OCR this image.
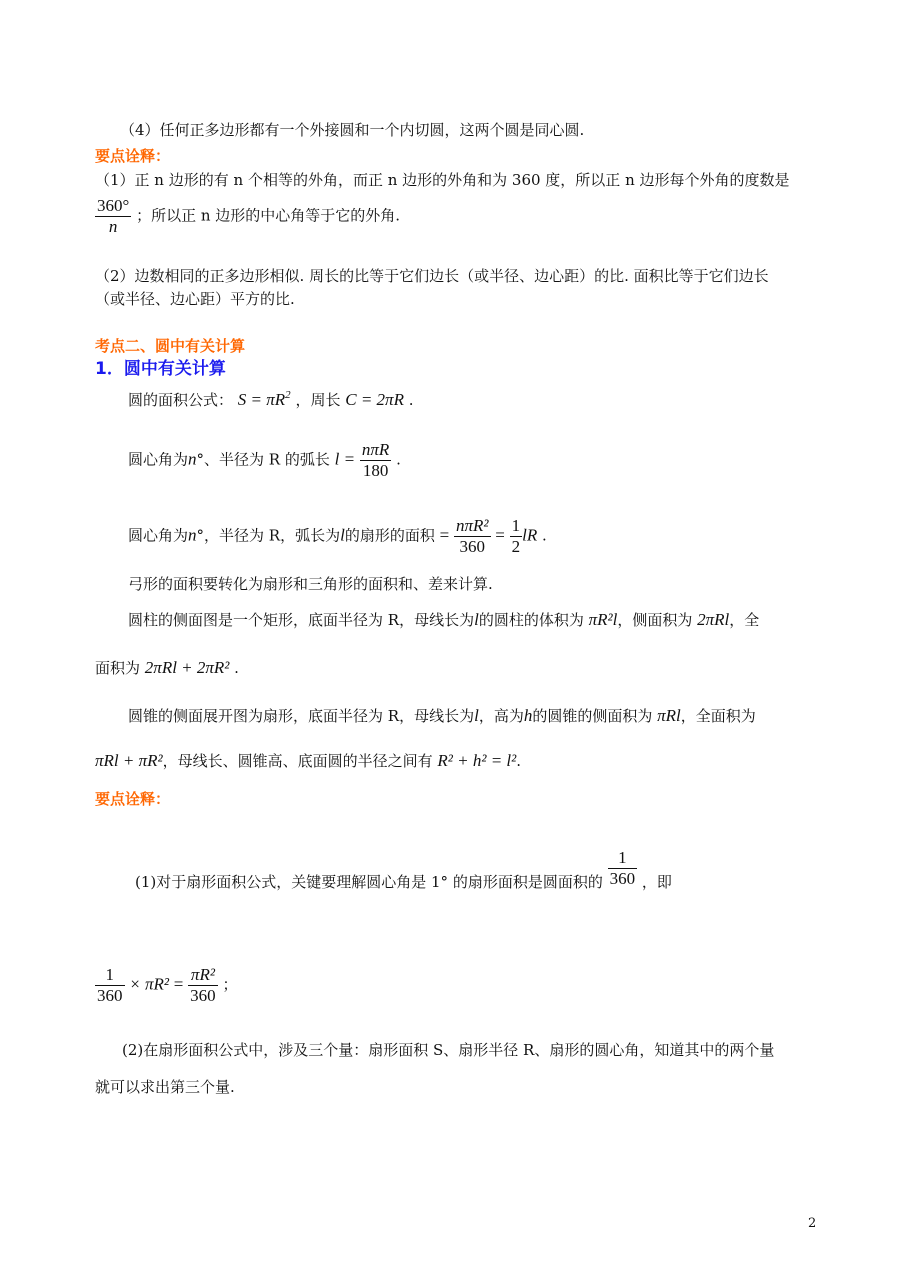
（4）任何正多边形都有一个外接圆和一个内切圆，这两个圆是同心圆.
要点诠释：
（1）正 n 边形的有 n 个相等的外角，而正 n 边形的外角和为 360 度，所以正 n 边形每个外角的度数是
$\frac{360^\circ}{n}$ ；所以正 n 边形的中心角等于它的外角.
（2）边数相同的正多边形相似. 周长的比等于它们边长（或半径、边心距）的比. 面积比等于它们边长
（或半径、边心距）平方的比.
考点二、圆中有关计算
1．圆中有关计算
圆的面积公式： $S = \pi R^2$ ，周长 C = 2πR .
圆心角为n°、半径为 R 的弧长 $l = \frac{\text{nπR}}{180}$ .
圆心角为n°，半径为 R，弧长为l的扇形的面积 = $\frac{\text{nπR²}}{360} = \frac{1}{2}$ lR .
弓形的面积要转化为扇形和三角形的面积和、差来计算.
圆柱的侧面图是一个矩形，底面半径为 R，母线长为l的圆柱的体积为 πR²l，侧面积为 2πRl，全
面积为 2πRl + 2πR² .
圆锥的侧面展开图为扇形，底面半径为 R，母线长为l，高为h的圆锥的侧面积为 πRl，全面积为
πRl + πR²，母线长、圆锥高、底面圆的半径之间有 R² + h² = l².
要点诠释：
(1)对于扇形面积公式，关键要理解圆心角是 1° 的扇形面积是圆面积的 $\frac{1}{360}$ ，即
$\frac{1}{360} \times \pi R^2 = \frac{\text{πR²}}{360}$ ；
(2)在扇形面积公式中，涉及三个量：扇形面积 S、扇形半径 R、扇形的圆心角，知道其中的两个量
就可以求出第三个量.
2
